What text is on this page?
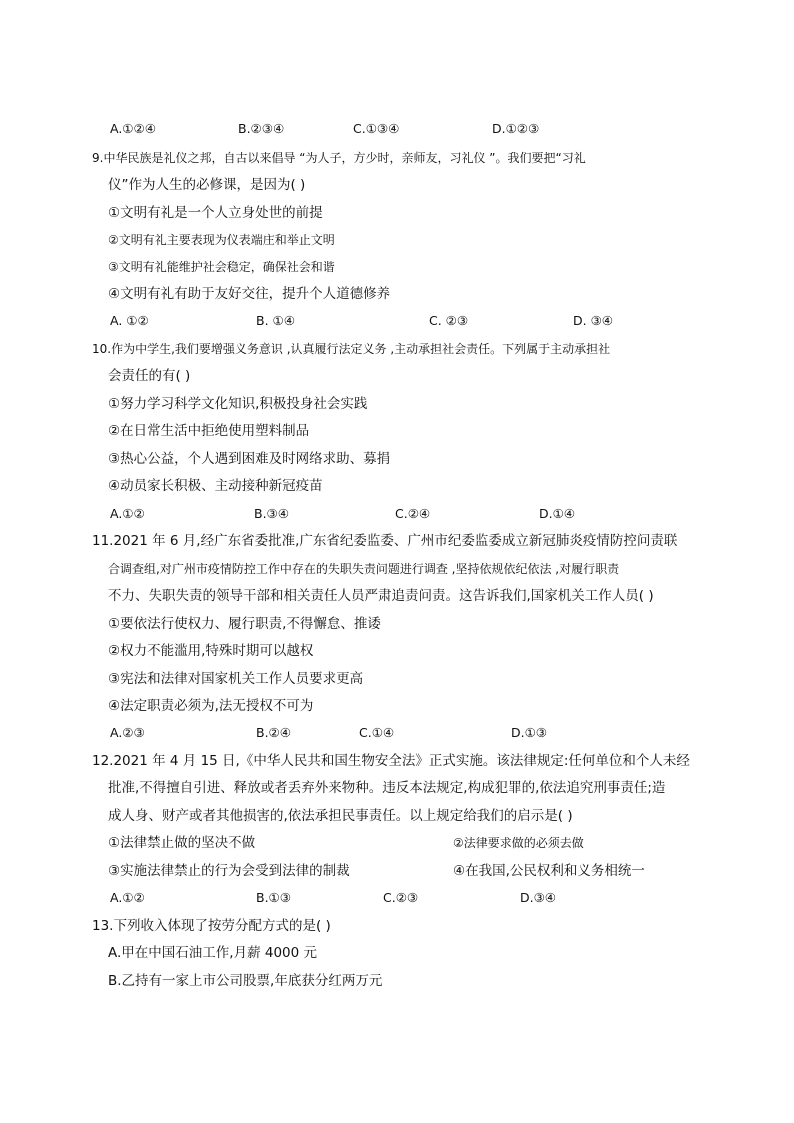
A.①②④	B.②③④	C.①③④	D.①②③
9.中华民族是礼仪之邦，自古以来倡导 “为人子，方少时，亲师友，习礼仪 ”。我们要把“习礼
仪”作为人生的必修课，是因为( )
①文明有礼是一个人立身处世的前提
②文明有礼主要表现为仪表端庄和举止文明
③文明有礼能维护社会稳定，确保社会和谐
④文明有礼有助于友好交往，提升个人道德修养
A. ①②	B. ①④	C. ②③	D. ③④
10.作为中学生,我们要增强义务意识 ,认真履行法定义务 ,主动承担社会责任。下列属于主动承担社
会责任的有( )
①努力学习科学文化知识,积极投身社会实践
②在日常生活中拒绝使用塑料制品
③热心公益，个人遇到困难及时网络求助、募捐
④动员家长积极、主动接种新冠疫苗
A.①②	B.③④	C.②④	D.①④
11.2021 年 6 月,经广东省委批准,广东省纪委监委、广州市纪委监委成立新冠肺炎疫情防控问责联
合调查组,对广州市疫情防控工作中存在的失职失责问题进行调查 ,坚持依规依纪依法 ,对履行职责
不力、失职失责的领导干部和相关责任人员严肃追责问责。这告诉我们,国家机关工作人员( )
①要依法行使权力、履行职责,不得懈怠、推诿
②权力不能滥用,特殊时期可以越权
③宪法和法律对国家机关工作人员要求更高
④法定职责必须为,法无授权不可为
A.②③	B.②④	C.①④	D.①③
12.2021 年 4 月 15 日,《中华人民共和国生物安全法》正式实施。该法律规定:任何单位和个人未经
批准,不得擅自引进、释放或者丢弃外来物种。违反本法规定,构成犯罪的,依法追究刑事责任;造
成人身、财产或者其他损害的,依法承担民事责任。以上规定给我们的启示是( )
①法律禁止做的坚决不做	②法律要求做的必须去做
③实施法律禁止的行为会受到法律的制裁	④在我国,公民权利和义务相统一
A.①②	B.①③	C.②③	D.③④
13.下列收入体现了按劳分配方式的是( )
A.甲在中国石油工作,月薪 4000 元
B.乙持有一家上市公司股票,年底获分红两万元
